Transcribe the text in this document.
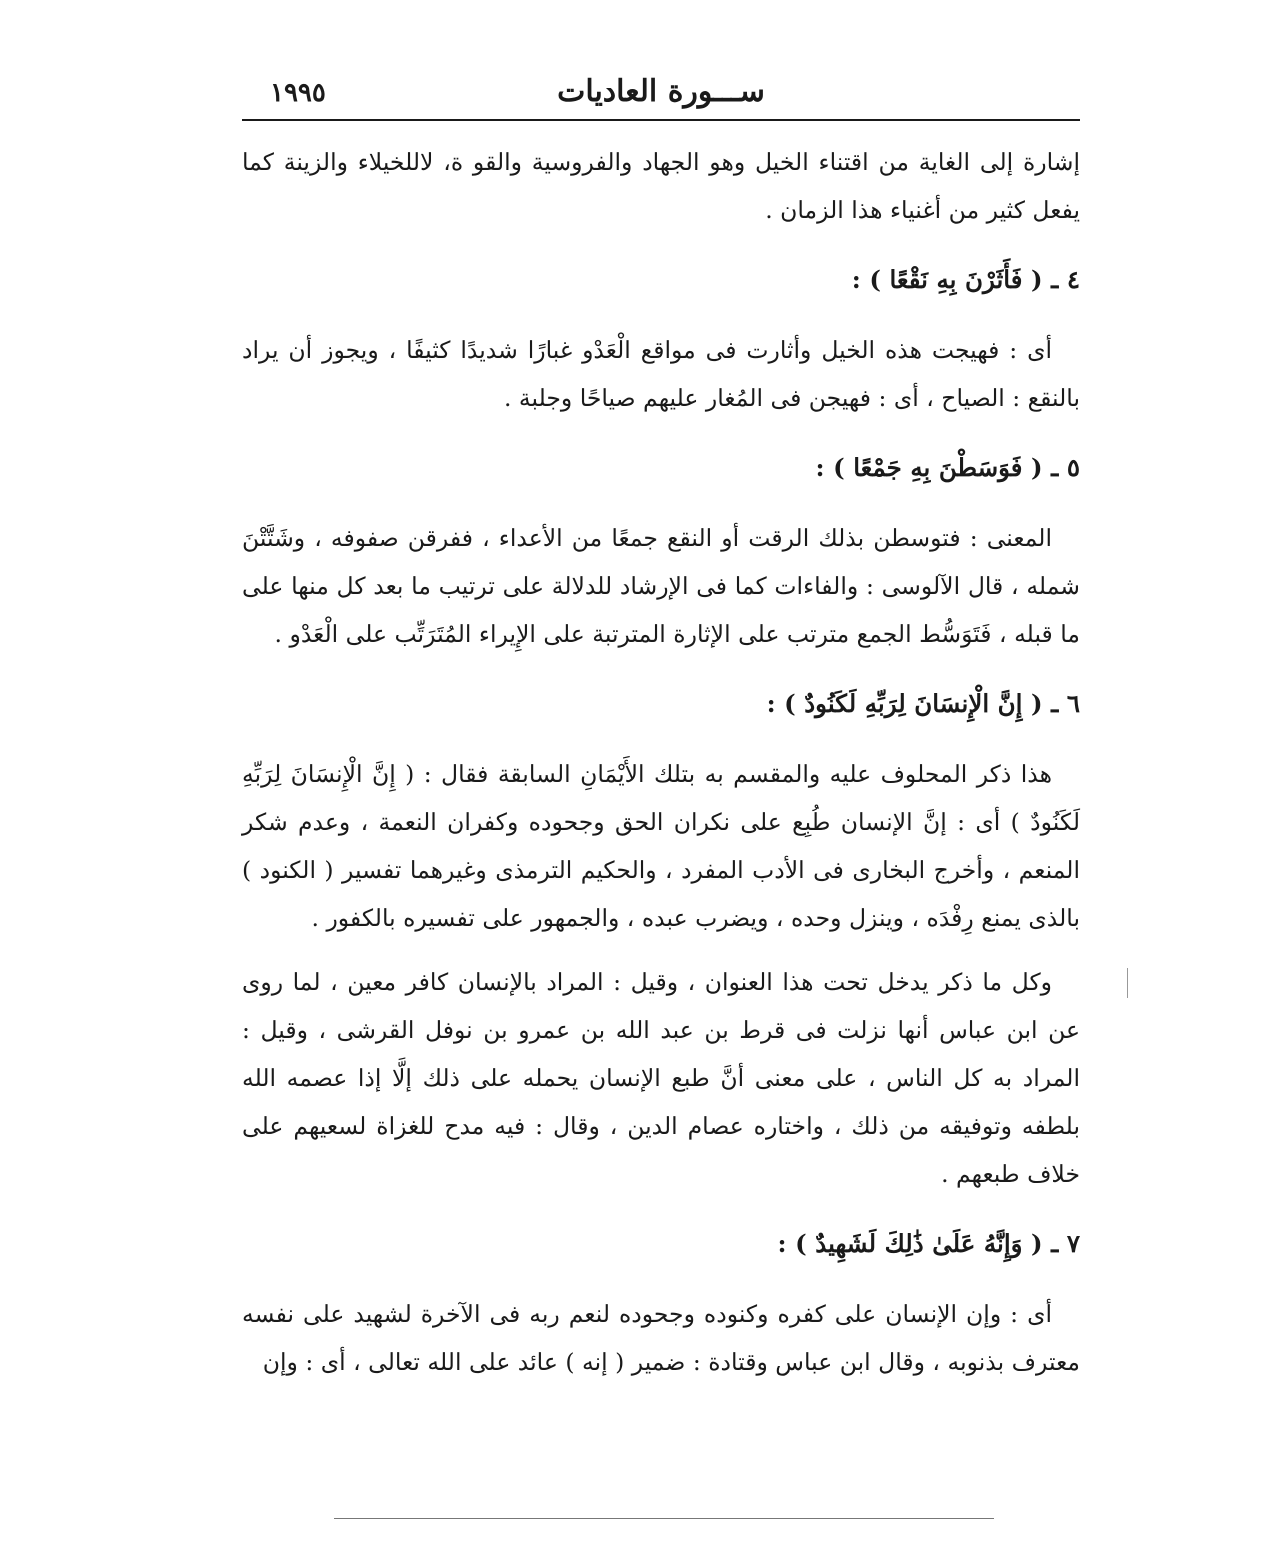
ســـورة العاديات
١٩٩٥

إشارة إلى الغاية من اقتناء الخيل وهو الجهاد والفروسية والقو ة، لاللخيلاء والزينة كما يفعل كثير من أغنياء هذا الزمان .

٤ ـ ( فَأَثَرْنَ بِهِ نَقْعًا ) :

أى : فهيجت هذه الخيل وأثارت فى مواقع الْعَدْو غبارًا شديدًا كثيفًا ، ويجوز أن يراد بالنقع : الصياح ، أى : فهيجن فى المُغار عليهم صياحًا وجلبة .

٥ ـ ( فَوَسَطْنَ بِهِ جَمْعًا ) :

المعنى : فتوسطن بذلك الرقت أو النقع جمعًا من الأعداء ، ففرقن صفوفه ، وشَتَّتْنَ شمله ، قال الآلوسى : والفاءات كما فى الإرشاد للدلالة على ترتيب ما بعد كل منها على ما قبله ، فَتَوَسُّط الجمع مترتب على الإثارة المترتبة على الإِيراء المُتَرَتِّب على الْعَدْو .

٦ ـ ( إِنَّ الْإِنسَانَ لِرَبِّهِ لَكَنُودٌ ) :

هذا ذكر المحلوف عليه والمقسم به بتلك الأَيْمَانِ السابقة فقال : ( إِنَّ الْإِنسَانَ لِرَبِّهِ لَكَنُودٌ ) أى : إنَّ الإنسان طُبِع على نكران الحق وجحوده وكفران النعمة ، وعدم شكر المنعم ، وأخرج البخارى فى الأدب المفرد ، والحكيم الترمذى وغيرهما تفسير ( الكنود ) بالذى يمنع رِفْدَه ، وينزل وحده ، ويضرب عبده ، والجمهور على تفسيره بالكفور .

وكل ما ذكر يدخل تحت هذا العنوان ، وقيل : المراد بالإنسان كافر معين ، لما روى عن ابن عباس أنها نزلت فى قرط بن عبد الله بن عمرو بن نوفل القرشى ، وقيل : المراد به كل الناس ، على معنى أنَّ طبع الإنسان يحمله على ذلك إلَّا إذا عصمه الله بلطفه وتوفيقه من ذلك ، واختاره عصام الدين ، وقال : فيه مدح للغزاة لسعيهم على خلاف طبعهم .

٧ ـ ( وَإِنَّهُ عَلَىٰ ذَٰلِكَ لَشَهِيدٌ ) :

أى : وإن الإنسان على كفره وكنوده وجحوده لنعم ربه فى الآخرة لشهيد على نفسه معترف بذنوبه ، وقال ابن عباس وقتادة : ضمير ( إنه ) عائد على الله تعالى ، أى : وإن
